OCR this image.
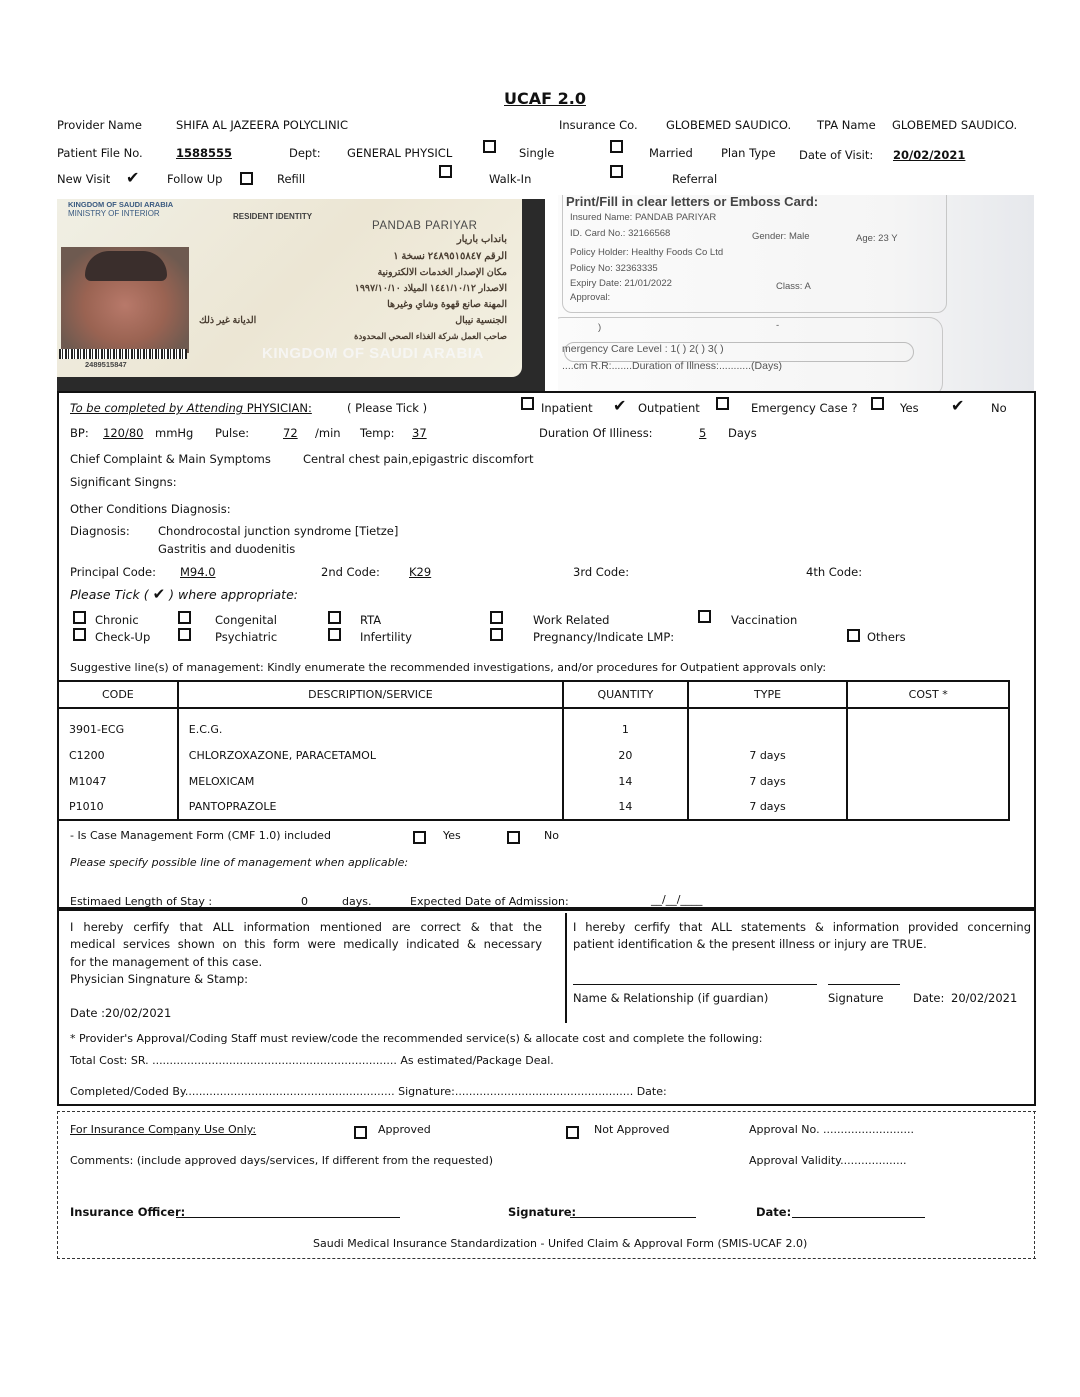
UCAF 2.0
Provider Name	SHIFA AL JAZEERA POLYCLINIC	Insurance Co. GLOBEMED SAUDICO. TPA Name GLOBEMED SAUDICO.
Patient File No.	1588555	Dept: GENERAL PHYSICL	Single	Married Plan Type Date of Visit: 20/02/2021
New Visit ✔ Follow Up	Refill	Walk-In	Referral
KINGDOM OF SAUDI ARABIA
MINISTRY OF INTERIOR	RESIDENT IDENTITY
PANDAB PARIYAR
بانداب باريار
الرقم ٢٤٨٩٥١٥٨٤٧ نسخة ١
مكان الإصدار الخدمات الالكترونية
الاصدار ١٤٤١/١٠/١٢ الميلاد ١٩٩٧/١٠/١٠
المهنة صانع قهوة وشاي وغيرها
الجنسية نيبال
الديانة غير ذلك
صاحب العمل شركة الغذاء الصحي المحدودة
KINGDOM OF SAUDI ARABIA
2489515847
Print/Fill in clear letters or Emboss Card:
Insured Name: PANDAB PARIYAR
ID. Card No.: 32166568	Gender: Male	Age: 23 Y
Policy Holder: Healthy Foods Co Ltd
Policy No: 32363335
Expiry Date: 21/01/2022	Class: A
Approval:
)	-
mergency Care Level : 1( ) 2( ) 3( )
....cm R.R:.......Duration of Illness:...........(Days)
To be completed by Attending PHYSICIAN:	( Please Tick )	Inpatient ✔ Outpatient	Emergency Case ?	Yes ✔ No
BP: 120/80 mmHg Pulse:	72 /min Temp: 37	Duration Of Illiness:	5 Days
Chief Complaint & Main Symptoms	Central chest pain,epigastric discomfort
Significant Singns:
Other Conditions Diagnosis:
Diagnosis: Chondrocostal junction syndrome [Tietze]
Gastritis and duodenitis
Principal Code: M94.0	2nd Code:	K29	3rd Code:	4th Code:
Please Tick ( ✔ ) where appropriate:
Chronic	Congenital	RTA	Work Related	Vaccination
Check-Up	Psychiatric	Infertility	Pregnancy/Indicate LMP:	Others
Suggestive line(s) of management: Kindly enumerate the recommended investigations, and/or procedures for Outpatient approvals only:
CODE	DESCRIPTION/SERVICE	QUANTITY	TYPE	COST *

3901-ECG	E.C.G.	1		
C1200	CHLORZOXAZONE, PARACETAMOL	20	7 days	
M1047	MELOXICAM	14	7 days	
P1010	PANTOPRAZOLE	14	7 days	
- Is Case Management Form (CMF 1.0) included	Yes	No
Please specify possible line of management when applicable:
Estimaed Length of Stay :	0	days.	Expected Date of Admission:	__/__/____
I hereby cerfify that ALL information mentioned are correct & that the
medical services shown on this form were medically indicated & necessary
for the management of this case.
Physician Singnature & Stamp:
Date :20/02/2021
I hereby cerfify that ALL statements & information provided concerning
patient identification & the present illness or injury are TRUE.
Name & Relationship (if guardian)	Signature	Date: 20/02/2021
* Provider's Approval/Coding Staff must review/code the recommended service(s) & allocate cost and complete the following:
Total Cost: SR. ...................................................................... As estimated/Package Deal.
Completed/Coded By............................................................ Signature:................................................... Date:
For Insurance Company Use Only:	Approved	Not Approved	Approval No. ..........................
Comments: (include approved days/services, If different from the requested)	Approval Validity...................
Insurance Officer:	Signature:	Date:
Saudi Medical Insurance Standardization - Unifed Claim & Approval Form (SMIS-UCAF 2.0)
